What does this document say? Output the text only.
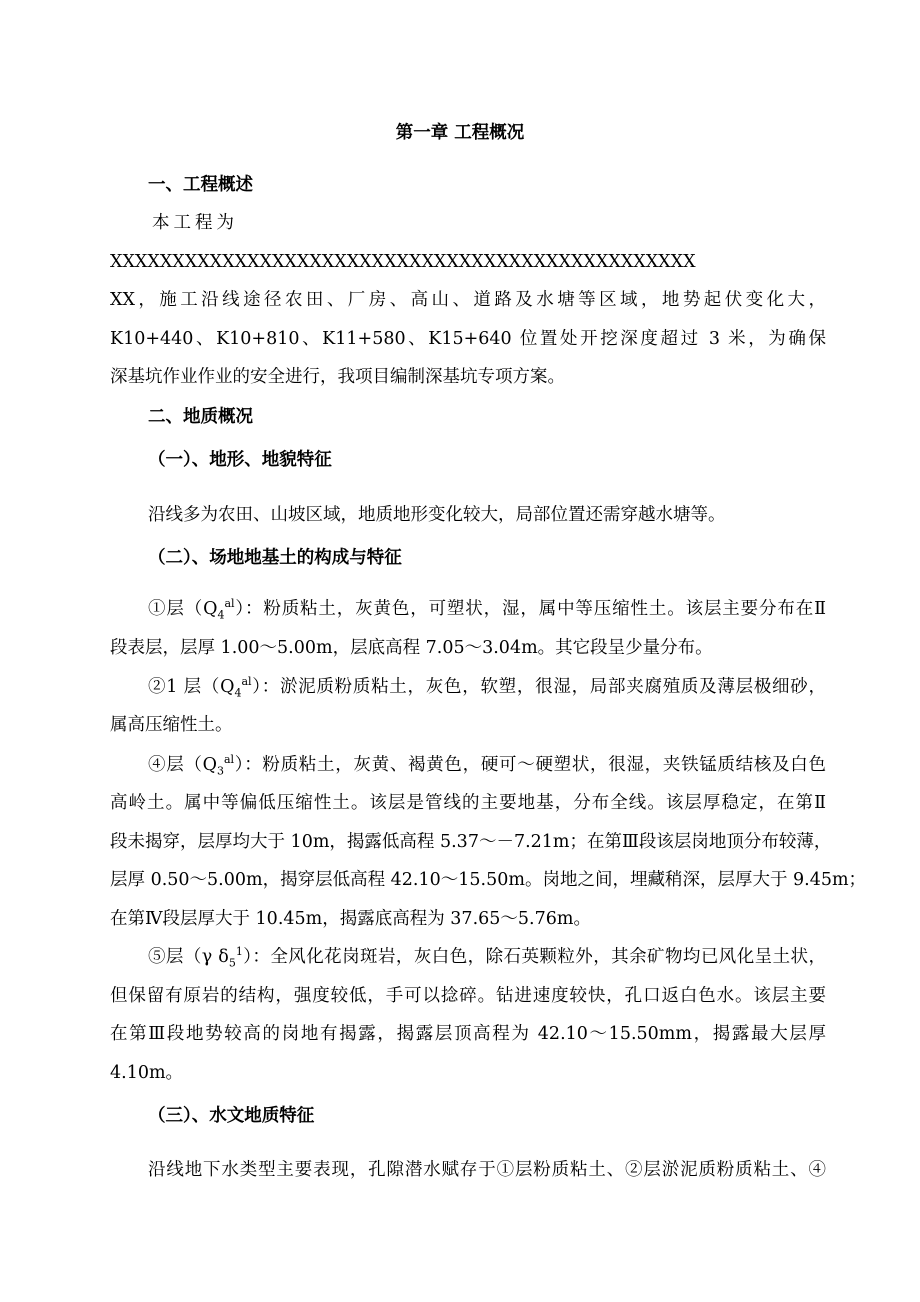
第一章 工程概况
一、工程概述
本工程为
XXXXXXXXXXXXXXXXXXXXXXXXXXXXXXXXXXXXXXXXXXXXXXX
XX，施工沿线途径农田、厂房、高山、道路及水塘等区域，地势起伏变化大，
K10+440、K10+810、K11+580、K15+640 位置处开挖深度超过 3 米，为确保
深基坑作业作业的安全进行，我项目编制深基坑专项方案。
二、地质概况
（一）、地形、地貌特征
沿线多为农田、山坡区域，地质地形变化较大，局部位置还需穿越水塘等。
（二）、场地地基土的构成与特征
①层$(Q_4^{al})$：粉质粘土，灰黄色，可塑状，湿，属中等压缩性土。该层主要分布在Ⅱ
段表层，层厚 1.00～5.00m，层底高程 7.05～3.04m。其它段呈少量分布。
②1 层$(Q_4^{al})$：淤泥质粉质粘土，灰色，软塑，很湿，局部夹腐殖质及薄层极细砂，
属高压缩性土。
④层$(Q_3^{al})$：粉质粘土，灰黄、褐黄色，硬可～硬塑状，很湿，夹铁锰质结核及白色
高岭土。属中等偏低压缩性土。该层是管线的主要地基，分布全线。该层厚稳定，在第Ⅱ
段未揭穿，层厚均大于 10m，揭露低高程 5.37～－7.21m；在第Ⅲ段该层岗地顶分布较薄，
层厚 0.50～5.00m，揭穿层低高程 42.10～15.50m。岗地之间，埋藏稍深，层厚大于 9.45m；
在第Ⅳ段层厚大于 10.45m，揭露底高程为 37.65～5.76m。
⑤层（γ $\delta_5^1$）：全风化花岗斑岩，灰白色，除石英颗粒外，其余矿物均已风化呈土状，
但保留有原岩的结构，强度较低，手可以捻碎。钻进速度较快，孔口返白色水。该层主要
在第Ⅲ段地势较高的岗地有揭露，揭露层顶高程为 42.10～15.50mm，揭露最大层厚
4.10m。
（三）、水文地质特征
沿线地下水类型主要表现，孔隙潜水赋存于①层粉质粘土、②层淤泥质粉质粘土、④
